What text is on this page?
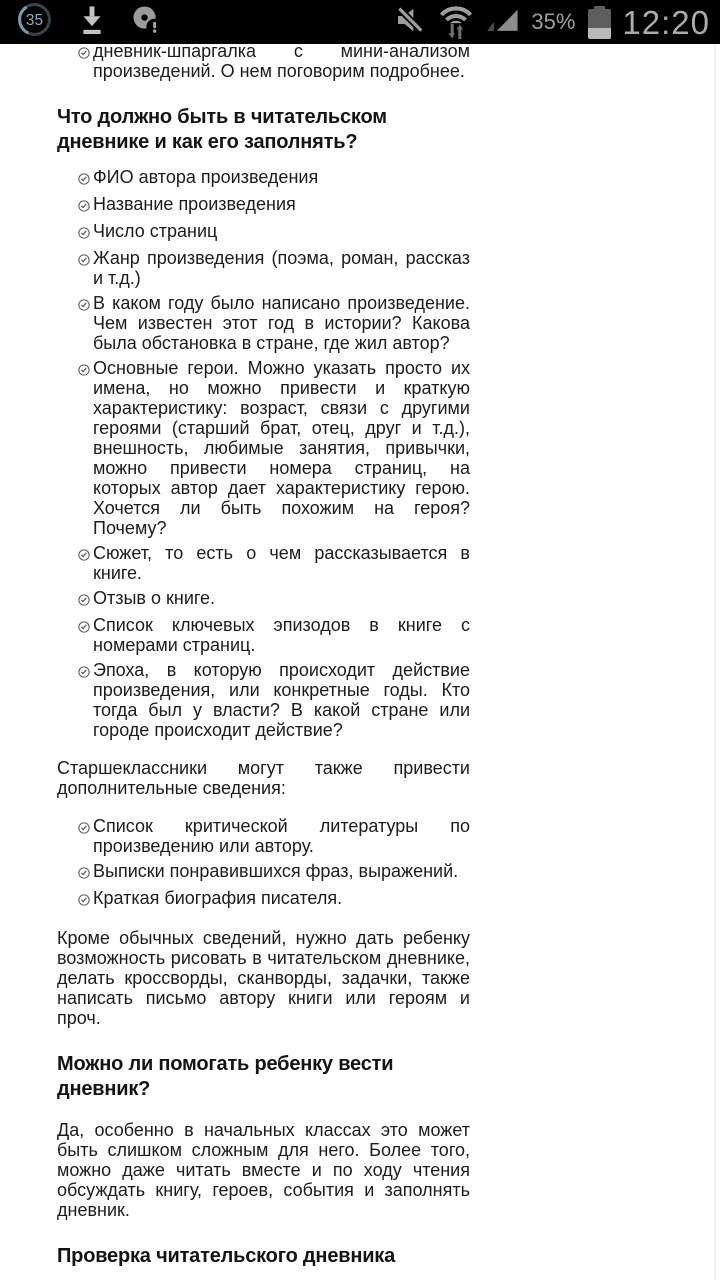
35	35% 12:20
дневник-шпаргалка с мини-анализом произведений. О нем поговорим подробнее.
Что должно быть в читательском дневнике и как его заполнять?
ФИО автора произведения
Название произведения
Число страниц
Жанр произведения (поэма, роман, рассказ и т.д.)
В каком году было написано произведение. Чем известен этот год в истории? Какова была обстановка в стране, где жил автор?
Основные герои. Можно указать просто их имена, но можно привести и краткую характеристику: возраст, связи с другими героями (старший брат, отец, друг и т.д.), внешность, любимые занятия, привычки, можно привести номера страниц, на которых автор дает характеристику герою. Хочется ли быть похожим на героя? Почему?
Сюжет, то есть о чем рассказывается в книге.
Отзыв о книге.
Список ключевых эпизодов в книге с номерами страниц.
Эпоха, в которую происходит действие произведения, или конкретные годы. Кто тогда был у власти? В какой стране или городе происходит действие?

Старшеклассники могут также привести дополнительные сведения:

Список критической литературы по произведению или автору.
Выписки понравившихся фраз, выражений.
Краткая биография писателя.

Кроме обычных сведений, нужно дать ребенку возможность рисовать в читательском дневнике, делать кроссворды, сканворды, задачки, также написать письмо автору книги или героям и проч.

Можно ли помогать ребенку вести дневник?

Да, особенно в начальных классах это может быть слишком сложным для него. Более того, можно даже читать вместе и по ходу чтения обсуждать книгу, героев, события и заполнять дневник.

Проверка читательского дневника
